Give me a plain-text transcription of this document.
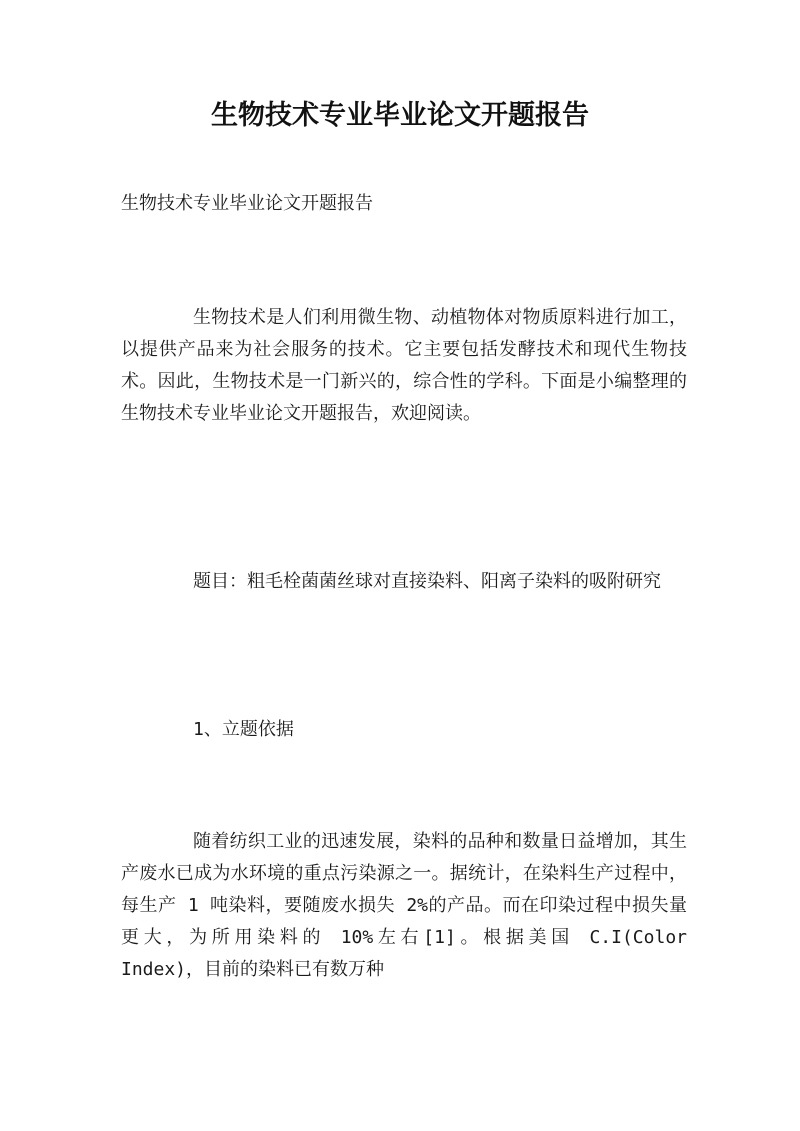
生物技术专业毕业论文开题报告
生物技术专业毕业论文开题报告
生物技术是人们利用微生物、动植物体对物质原料进行加工，以提供产品来为社会服务的技术。它主要包括发酵技术和现代生物技术。因此，生物技术是一门新兴的，综合性的学科。下面是小编整理的生物技术专业毕业论文开题报告，欢迎阅读。
题目：粗毛栓菌菌丝球对直接染料、阳离子染料的吸附研究
1、立题依据
随着纺织工业的迅速发展，染料的品种和数量日益增加，其生产废水已成为水环境的重点污染源之一。据统计，在染料生产过程中，每生产 1 吨染料，要随废水损失 2%的产品。而在印染过程中损失量更大，为所用染料的 10%左右[1]。根据美国 C.I(Color Index)，目前的染料已有数万种
